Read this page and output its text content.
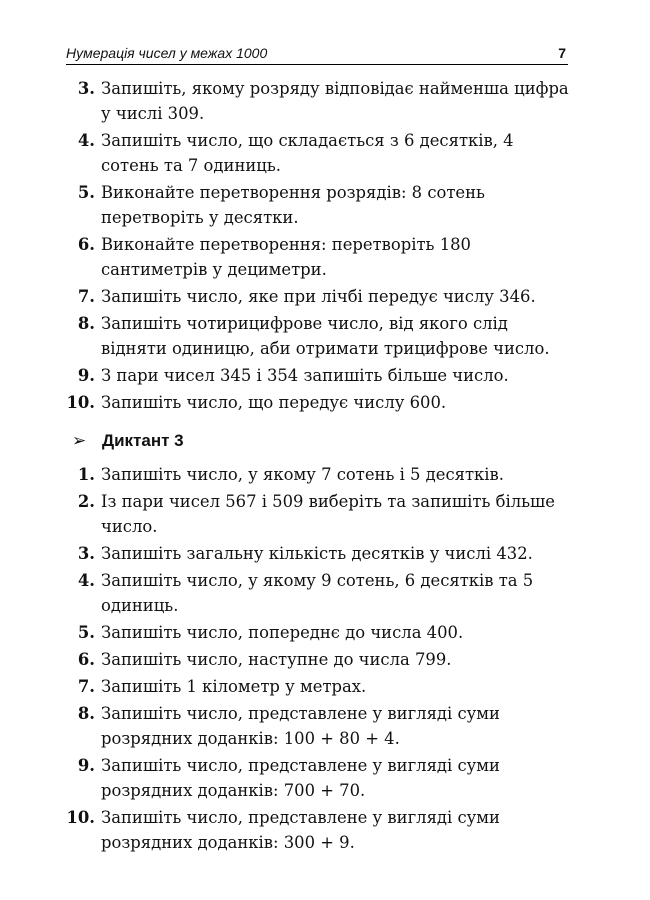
Нумерація чисел у межах 1000	7
3. Запишіть, якому розряду відповідає найменша цифра у числі 309.
4. Запишіть число, що складається з 6 десятків, 4 сотень та 7 одиниць.
5. Виконайте перетворення розрядів: 8 сотень перетворіть у десятки.
6. Виконайте перетворення: перетворіть 180 сантиметрів у дециметри.
7. Запишіть число, яке при лічбі передує числу 346.
8. Запишіть чотирицифрове число, від якого слід відняти одиницю, аби отримати трицифрове число.
9. З пари чисел 345 і 354 запишіть більше число.
10. Запишіть число, що передує числу 600.
➢ Диктант 3
1. Запишіть число, у якому 7 сотень і 5 десятків.
2. Із пари чисел 567 і 509 виберіть та запишіть більше число.
3. Запишіть загальну кількість десятків у числі 432.
4. Запишіть число, у якому 9 сотень, 6 десятків та 5 одиниць.
5. Запишіть число, попереднє до числа 400.
6. Запишіть число, наступне до числа 799.
7. Запишіть 1 кілометр у метрах.
8. Запишіть число, представлене у вигляді суми розрядних доданків: 100 + 80 + 4.
9. Запишіть число, представлене у вигляді суми розрядних доданків: 700 + 70.
10. Запишіть число, представлене у вигляді суми розрядних доданків: 300 + 9.
